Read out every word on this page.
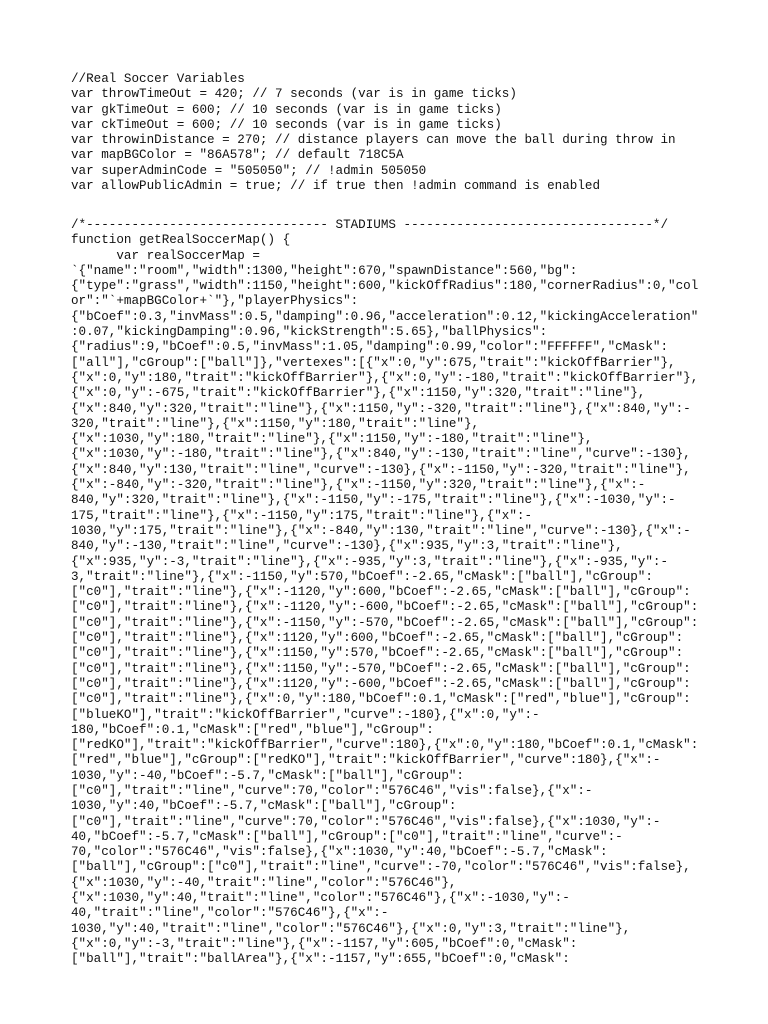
//Real Soccer Variables
var throwTimeOut = 420; // 7 seconds (var is in game ticks)
var gkTimeOut = 600; // 10 seconds (var is in game ticks)
var ckTimeOut = 600; // 10 seconds (var is in game ticks)
var throwinDistance = 270; // distance players can move the ball during throw in
var mapBGColor = "86A578"; // default 718C5A
var superAdminCode = "505050"; // !admin 505050
var allowPublicAdmin = true; // if true then !admin command is enabled
/*-------------------------------- STADIUMS ---------------------------------*/
function getRealSoccerMap() {
var realSoccerMap =
`{"name":"room","width":1300,"height":670,"spawnDistance":560,"bg":
{"type":"grass","width":1150,"height":600,"kickOffRadius":180,"cornerRadius":0,"col
or":"`+mapBGColor+`"},"playerPhysics":
{"bCoef":0.3,"invMass":0.5,"damping":0.96,"acceleration":0.12,"kickingAcceleration"
:0.07,"kickingDamping":0.96,"kickStrength":5.65},"ballPhysics":
{"radius":9,"bCoef":0.5,"invMass":1.05,"damping":0.99,"color":"FFFFFF","cMask":
["all"],"cGroup":["ball"]},"vertexes":[{"x":0,"y":675,"trait":"kickOffBarrier"},
{"x":0,"y":180,"trait":"kickOffBarrier"},{"x":0,"y":-180,"trait":"kickOffBarrier"},
{"x":0,"y":-675,"trait":"kickOffBarrier"},{"x":1150,"y":320,"trait":"line"},
{"x":840,"y":320,"trait":"line"},{"x":1150,"y":-320,"trait":"line"},{"x":840,"y":-
320,"trait":"line"},{"x":1150,"y":180,"trait":"line"},
{"x":1030,"y":180,"trait":"line"},{"x":1150,"y":-180,"trait":"line"},
{"x":1030,"y":-180,"trait":"line"},{"x":840,"y":-130,"trait":"line","curve":-130},
{"x":840,"y":130,"trait":"line","curve":-130},{"x":-1150,"y":-320,"trait":"line"},
{"x":-840,"y":-320,"trait":"line"},{"x":-1150,"y":320,"trait":"line"},{"x":-
840,"y":320,"trait":"line"},{"x":-1150,"y":-175,"trait":"line"},{"x":-1030,"y":-
175,"trait":"line"},{"x":-1150,"y":175,"trait":"line"},{"x":-
1030,"y":175,"trait":"line"},{"x":-840,"y":130,"trait":"line","curve":-130},{"x":-
840,"y":-130,"trait":"line","curve":-130},{"x":935,"y":3,"trait":"line"},
{"x":935,"y":-3,"trait":"line"},{"x":-935,"y":3,"trait":"line"},{"x":-935,"y":-
3,"trait":"line"},{"x":-1150,"y":570,"bCoef":-2.65,"cMask":["ball"],"cGroup":
["c0"],"trait":"line"},{"x":-1120,"y":600,"bCoef":-2.65,"cMask":["ball"],"cGroup":
["c0"],"trait":"line"},{"x":-1120,"y":-600,"bCoef":-2.65,"cMask":["ball"],"cGroup":
["c0"],"trait":"line"},{"x":-1150,"y":-570,"bCoef":-2.65,"cMask":["ball"],"cGroup":
["c0"],"trait":"line"},{"x":1120,"y":600,"bCoef":-2.65,"cMask":["ball"],"cGroup":
["c0"],"trait":"line"},{"x":1150,"y":570,"bCoef":-2.65,"cMask":["ball"],"cGroup":
["c0"],"trait":"line"},{"x":1150,"y":-570,"bCoef":-2.65,"cMask":["ball"],"cGroup":
["c0"],"trait":"line"},{"x":1120,"y":-600,"bCoef":-2.65,"cMask":["ball"],"cGroup":
["c0"],"trait":"line"},{"x":0,"y":180,"bCoef":0.1,"cMask":["red","blue"],"cGroup":
["blueKO"],"trait":"kickOffBarrier","curve":-180},{"x":0,"y":-
180,"bCoef":0.1,"cMask":["red","blue"],"cGroup":
["redKO"],"trait":"kickOffBarrier","curve":180},{"x":0,"y":180,"bCoef":0.1,"cMask":
["red","blue"],"cGroup":["redKO"],"trait":"kickOffBarrier","curve":180},{"x":-
1030,"y":-40,"bCoef":-5.7,"cMask":["ball"],"cGroup":
["c0"],"trait":"line","curve":70,"color":"576C46","vis":false},{"x":-
1030,"y":40,"bCoef":-5.7,"cMask":["ball"],"cGroup":
["c0"],"trait":"line","curve":70,"color":"576C46","vis":false},{"x":1030,"y":-
40,"bCoef":-5.7,"cMask":["ball"],"cGroup":["c0"],"trait":"line","curve":-
70,"color":"576C46","vis":false},{"x":1030,"y":40,"bCoef":-5.7,"cMask":
["ball"],"cGroup":["c0"],"trait":"line","curve":-70,"color":"576C46","vis":false},
{"x":1030,"y":-40,"trait":"line","color":"576C46"},
{"x":1030,"y":40,"trait":"line","color":"576C46"},{"x":-1030,"y":-
40,"trait":"line","color":"576C46"},{"x":-
1030,"y":40,"trait":"line","color":"576C46"},{"x":0,"y":3,"trait":"line"},
{"x":0,"y":-3,"trait":"line"},{"x":-1157,"y":605,"bCoef":0,"cMask":
["ball"],"trait":"ballArea"},{"x":-1157,"y":655,"bCoef":0,"cMask":
